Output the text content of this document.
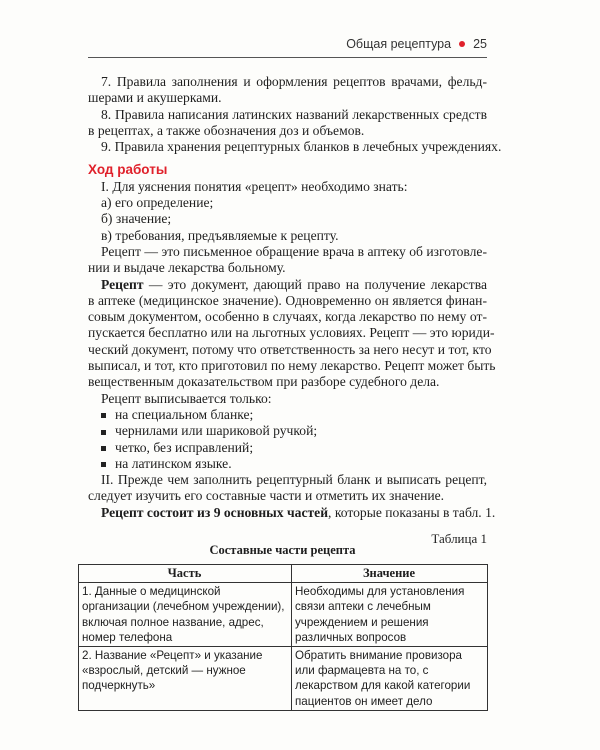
Общая рецептура 25
7. Правила заполнения и оформления рецептов врачами, фельд-
шерами и акушерками.
8. Правила написания латинских названий лекарственных средств
в рецептах, а также обозначения доз и объемов.
9. Правила хранения рецептурных бланков в лечебных учреждениях.
Ход работы
I. Для уяснения понятия «рецепт» необходимо знать:
а) его определение;
б) значение;
в) требования, предъявляемые к рецепту.
Рецепт — это письменное обращение врача в аптеку об изготовле-
нии и выдаче лекарства больному.
Рецепт — это документ, дающий право на получение лекарства
в аптеке (медицинское значение). Одновременно он является финан-
совым документом, особенно в случаях, когда лекарство по нему от-
пускается бесплатно или на льготных условиях. Рецепт — это юриди-
ческий документ, потому что ответственность за него несут и тот, кто
выписал, и тот, кто приготовил по нему лекарство. Рецепт может быть
вещественным доказательством при разборе судебного дела.
Рецепт выписывается только:
на специальном бланке;
чернилами или шариковой ручкой;
четко, без исправлений;
на латинском языке.
II. Прежде чем заполнить рецептурный бланк и выписать рецепт,
следует изучить его составные части и отметить их значение.
Рецепт состоит из 9 основных частей, которые показаны в табл. 1.
Таблица 1
Составные части рецепта
Часть	Значение
1. Данные о медицинской организации (лечебном учреждении), включая полное название, адрес, номер телефона	Необходимы для установления связи аптеки с лечебным учреждением и решения различных вопросов
2. Название «Рецепт» и указание «взрослый, детский — нужное подчеркнуть»	Обратить внимание провизора или фармацевта на то, с лекарством для какой категории пациентов он имеет дело
